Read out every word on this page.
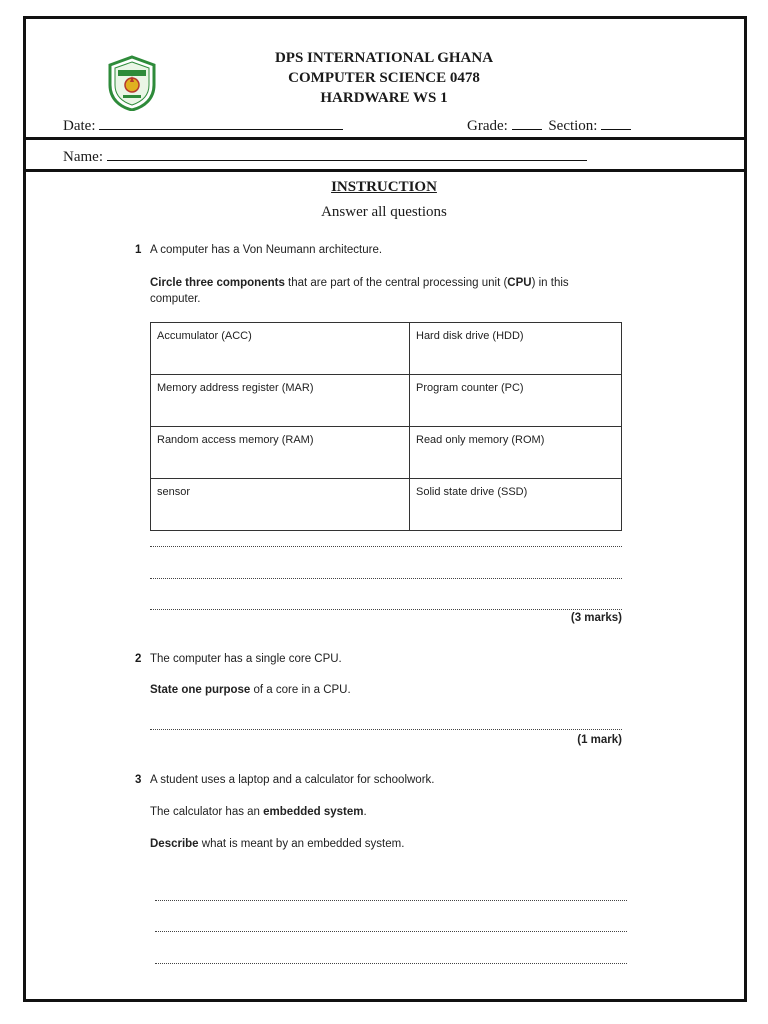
DPS INTERNATIONAL GHANA
COMPUTER SCIENCE 0478
HARDWARE WS 1
Date:	Grade:	Section:
Name:
INSTRUCTION
Answer all questions
1 A computer has a Von Neumann architecture.
Circle three components that are part of the central processing unit (CPU) in this computer.
Accumulator (ACC)	Hard disk drive (HDD)
Memory address register (MAR)	Program counter (PC)
Random access memory (RAM)	Read only memory (ROM)
sensor	Solid state drive (SSD)
(3 marks)
2 The computer has a single core CPU.
State one purpose of a core in a CPU.
(1 mark)
3 A student uses a laptop and a calculator for schoolwork.
The calculator has an embedded system.
Describe what is meant by an embedded system.
